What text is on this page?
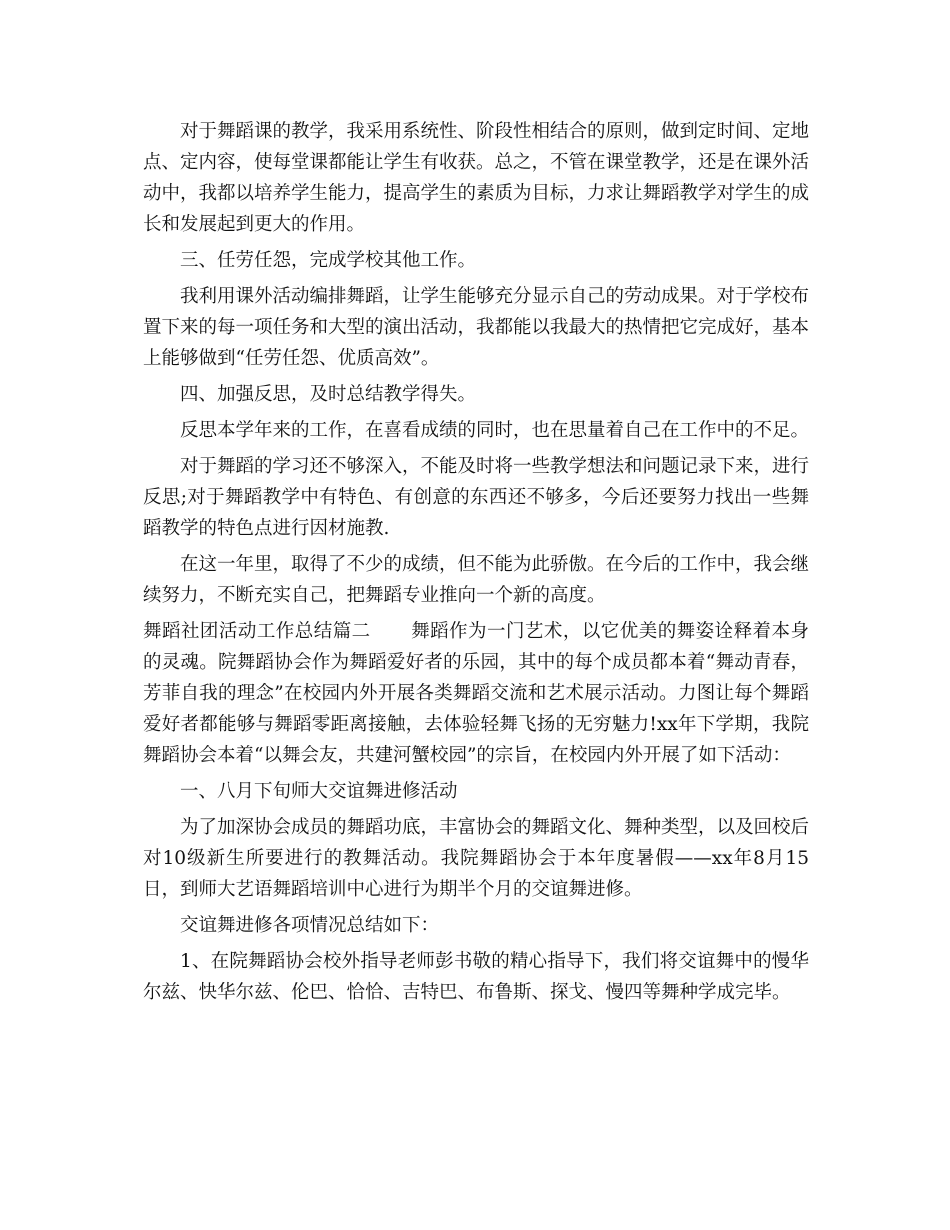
对于舞蹈课的教学，我采用系统性、阶段性相结合的原则，做到定时间、定地点、定内容，使每堂课都能让学生有收获。总之，不管在课堂教学，还是在课外活动中，我都以培养学生能力，提高学生的素质为目标，力求让舞蹈教学对学生的成长和发展起到更大的作用。

三、任劳任怨，完成学校其他工作。

我利用课外活动编排舞蹈，让学生能够充分显示自己的劳动成果。对于学校布置下来的每一项任务和大型的演出活动，我都能以我最大的热情把它完成好，基本上能够做到“任劳任怨、优质高效”。

四、加强反思，及时总结教学得失。

反思本学年来的工作，在喜看成绩的同时，也在思量着自己在工作中的不足。

对于舞蹈的学习还不够深入，不能及时将一些教学想法和问题记录下来，进行反思;对于舞蹈教学中有特色、有创意的东西还不够多，今后还要努力找出一些舞蹈教学的特色点进行因材施教.

在这一年里，取得了不少的成绩，但不能为此骄傲。在今后的工作中，我会继续努力，不断充实自己，把舞蹈专业推向一个新的高度。

舞蹈社团活动工作总结篇二 舞蹈作为一门艺术，以它优美的舞姿诠释着本身的灵魂。院舞蹈协会作为舞蹈爱好者的乐园，其中的每个成员都本着“舞动青春，芳菲自我的理念”在校园内外开展各类舞蹈交流和艺术展示活动。力图让每个舞蹈爱好者都能够与舞蹈零距离接触，去体验轻舞飞扬的无穷魅力!xx年下学期，我院舞蹈协会本着“以舞会友，共建河蟹校园”的宗旨，在校园内外开展了如下活动：

一、八月下旬师大交谊舞进修活动

为了加深协会成员的舞蹈功底，丰富协会的舞蹈文化、舞种类型，以及回校后对10级新生所要进行的教舞活动。我院舞蹈协会于本年度暑假——xx年8月15日，到师大艺语舞蹈培训中心进行为期半个月的交谊舞进修。

交谊舞进修各项情况总结如下：

1、在院舞蹈协会校外指导老师彭书敬的精心指导下，我们将交谊舞中的慢华尔兹、快华尔兹、伦巴、恰恰、吉特巴、布鲁斯、探戈、慢四等舞种学成完毕。
